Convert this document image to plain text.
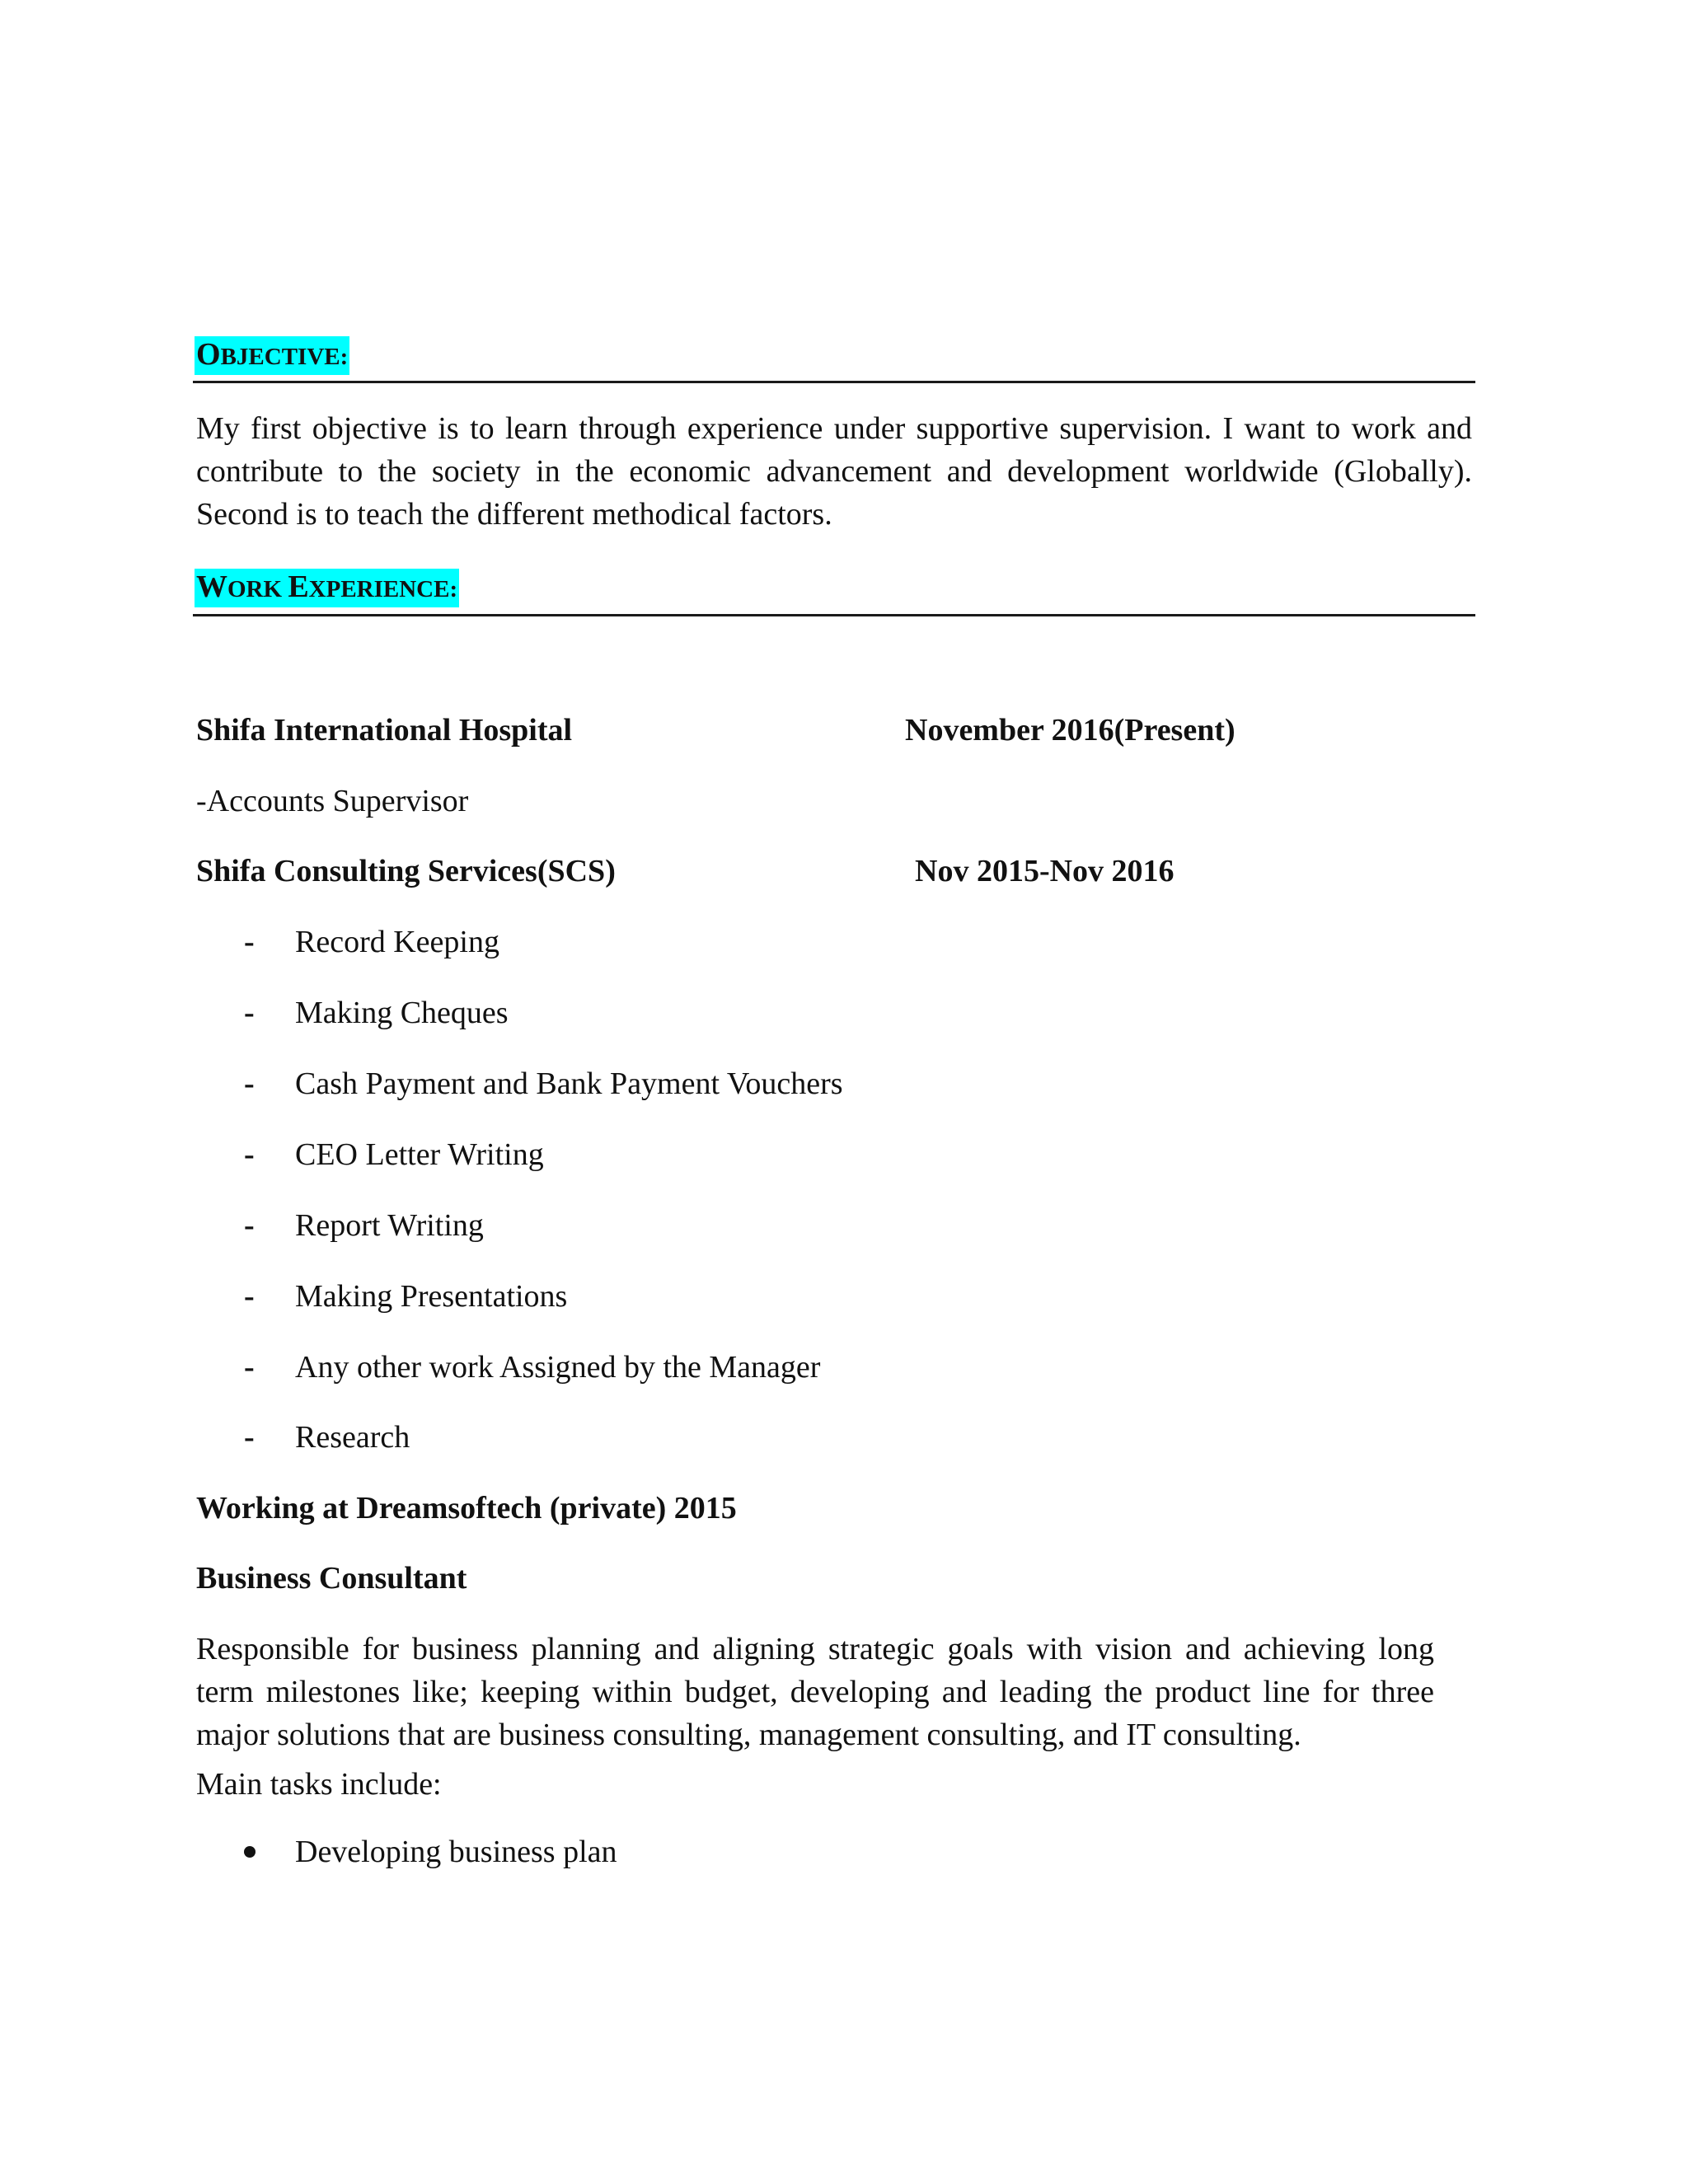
OBJECTIVE:
My first objective is to learn through experience under supportive supervision. I want to work and contribute to the society in the economic advancement and development worldwide (Globally). Second is to teach the different methodical factors.
WORK EXPERIENCE:
Shifa International Hospital	November 2016(Present)
-Accounts Supervisor
Shifa Consulting Services(SCS)	Nov 2015-Nov 2016
- Record Keeping
- Making Cheques
- Cash Payment and Bank Payment Vouchers
- CEO Letter Writing
- Report Writing
- Making Presentations
- Any other work Assigned by the Manager
- Research
Working at Dreamsoftech (private) 2015
Business Consultant
Responsible for business planning and aligning strategic goals with vision and achieving long term milestones like; keeping within budget, developing and leading the product line for three major solutions that are business consulting, management consulting, and IT consulting.
Main tasks include:
Developing business plan
